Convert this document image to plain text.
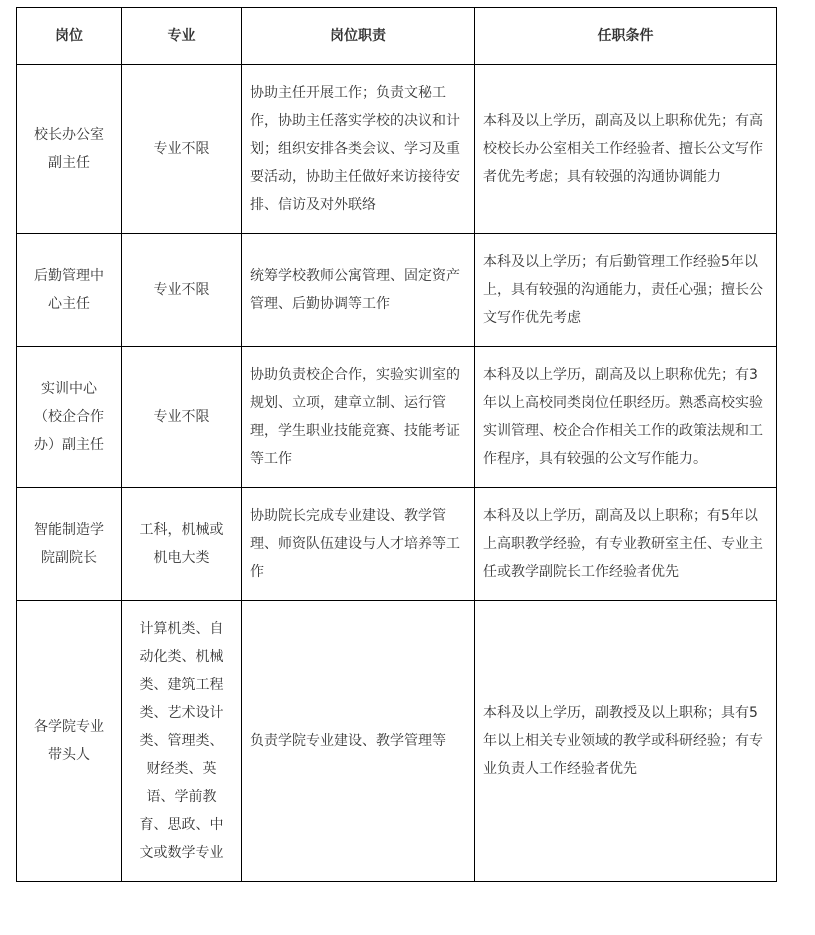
岗位	专业	岗位职责	任职条件
校长办公室副主任	专业不限	协助主任开展工作；负责文秘工作，协助主任落实学校的决议和计划；组织安排各类会议、学习及重要活动，协助主任做好来访接待安排、信访及对外联络	本科及以上学历，副高及以上职称优先；有高校校长办公室相关工作经验者、擅长公文写作者优先考虑；具有较强的沟通协调能力
后勤管理中心主任	专业不限	统筹学校教师公寓管理、固定资产管理、后勤协调等工作	本科及以上学历；有后勤管理工作经验5年以上，具有较强的沟通能力，责任心强；擅长公文写作优先考虑
实训中心（校企合作办）副主任	专业不限	协助负责校企合作，实验实训室的规划、立项，建章立制、运行管理，学生职业技能竞赛、技能考证等工作	本科及以上学历，副高及以上职称优先；有3年以上高校同类岗位任职经历。熟悉高校实验实训管理、校企合作相关工作的政策法规和工作程序，具有较强的公文写作能力。
智能制造学院副院长	工科，机械或机电大类	协助院长完成专业建设、教学管理、师资队伍建设与人才培养等工作	本科及以上学历，副高及以上职称；有5年以上高职教学经验，有专业教研室主任、专业主任或教学副院长工作经验者优先
各学院专业带头人	计算机类、自动化类、机械类、建筑工程类、艺术设计类、管理类、财经类、英语、学前教育、思政、中文或数学专业	负责学院专业建设、教学管理等	本科及以上学历，副教授及以上职称；具有5年以上相关专业领域的教学或科研经验；有专业负责人工作经验者优先
